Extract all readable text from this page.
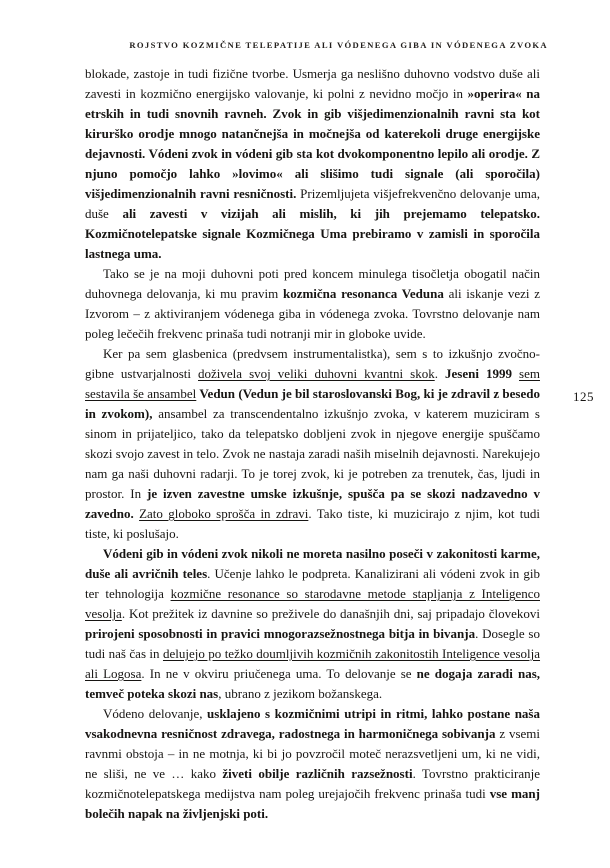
ROJSTVO KOZMIČNE TELEPATIJE ALI VÓDENEGA GIBA IN VÓDENEGA ZVOKA
125

blokade, zastoje in tudi fizične tvorbe. Usmerja ga neslišno duhovno vodstvo duše ali zavesti in kozmično energijsko valovanje, ki polni z nevidno močjo in »operira« na etrskih in tudi snovnih ravneh. Zvok in gib višjedimenzionalnih ravni sta kot kirurško orodje mnogo natančnejša in močnejša od katerekoli druge energijske dejavnosti. Vódeni zvok in vódeni gib sta kot dvokomponentno lepilo ali orodje. Z njuno pomočjo lahko »lovimo« ali slišimo tudi signale (ali sporočila) višjedimenzionalnih ravni resničnosti. Prizemljujeta višjefrekvenčno delovanje uma, duše ali zavesti v vizijah ali mislih, ki jih prejemamo telepatsko. Kozmičnotelepatske signale Kozmičnega Uma prebiramo v zamisli in sporočila lastnega uma.

Tako se je na moji duhovni poti pred koncem minulega tisočletja obogatil način duhovnega delovanja, ki mu pravim kozmična resonanca Veduna ali iskanje vezi z Izvorom – z aktiviranjem vódenega giba in vódenega zvoka. Tovrstno delovanje nam poleg lečečih frekvenc prinaša tudi notranji mir in globoke uvide.

Ker pa sem glasbenica (predvsem instrumentalistka), sem s to izkušnjo zvočno-gibne ustvarjalnosti doživela svoj veliki duhovni kvantni skok. Jeseni 1999 sem sestavila še ansambel Vedun (Vedun je bil staroslovanski Bog, ki je zdravil z besedo in zvokom), ansambel za transcendentalno izkušnjo zvoka, v katerem muziciram s sinom in prijateljico, tako da telepatsko dobljeni zvok in njegove energije spuščamo skozi svojo zavest in telo. Zvok ne nastaja zaradi naših miselnih dejavnosti. Narekujejo nam ga naši duhovni radarji. To je torej zvok, ki je potreben za trenutek, čas, ljudi in prostor. In je izven zavestne umske izkušnje, spušča pa se skozi nadzavedno v zavedno. Zato globoko sprošča in zdravi. Tako tiste, ki muzicirajo z njim, kot tudi tiste, ki poslušajo.

Vódeni gib in vódeni zvok nikoli ne moreta nasilno poseči v zakonitosti karme, duše ali avričnih teles. Učenje lahko le podpreta. Kanalizirani ali vódeni zvok in gib ter tehnologija kozmične resonance so starodavne metode stapljanja z Inteligenco vesolja. Kot prežitek iz davnine so preživele do današnjih dni, saj pripadajo človekovi prirojeni sposobnosti in pravici mnogorazsežnostnega bitja in bivanja. Dosegle so tudi naš čas in delujejo po težko doumljivih kozmičnih zakonitostih Inteligence vesolja ali Logosa. In ne v okviru priučenega uma. To delovanje se ne dogaja zaradi nas, temveč poteka skozi nas, ubrano z jezikom božanskega.

Vódeno delovanje, usklajeno s kozmičnimi utripi in ritmi, lahko postane naša vsakodnevna resničnost zdravega, radostnega in harmoničnega sobivanja z vsemi ravnmi obstoja – in ne motnja, ki bi jo povzročil moteč nerazsvetljeni um, ki ne vidi, ne sliši, ne ve … kako živeti obilje različnih razsežnosti. Tovrstno prakticiranje kozmičnotelepatskega medijstva nam poleg urejajočih frekvenc prinaša tudi vse manj bolečih napak na življenjski poti.
